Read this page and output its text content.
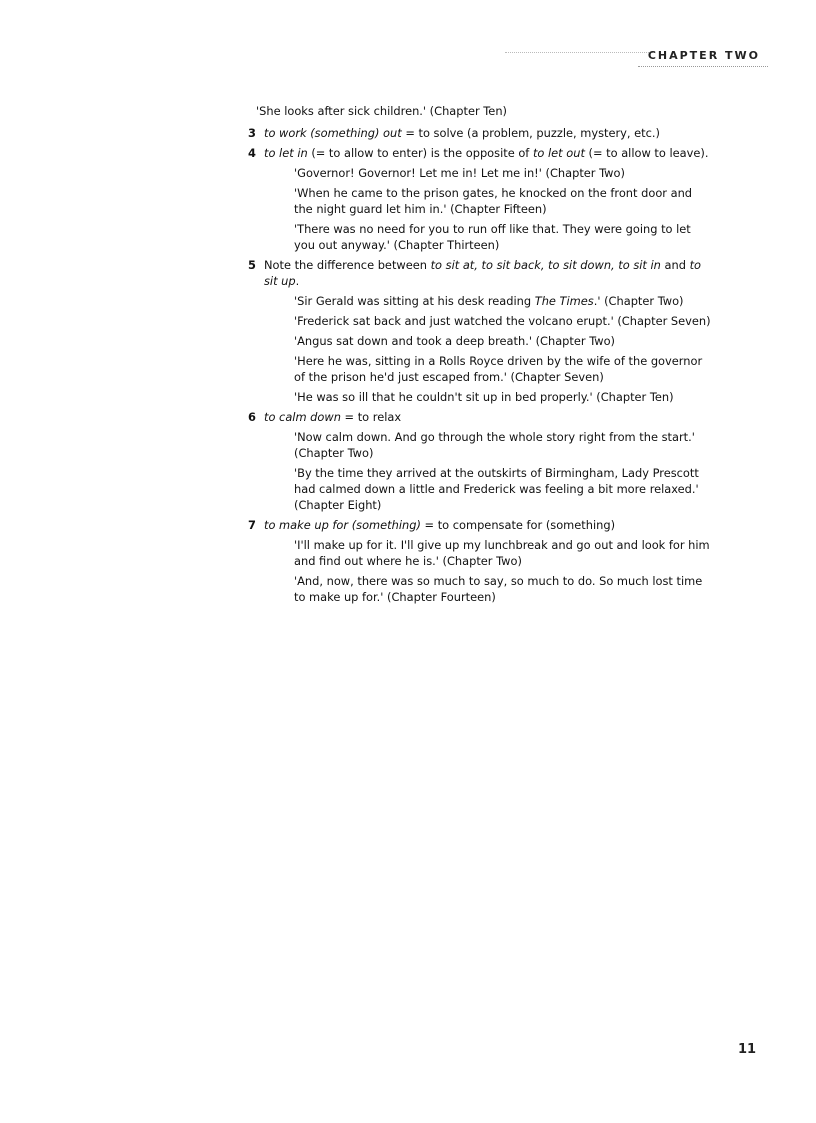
CHAPTER TWO

'She looks after sick children.' (Chapter Ten)

3 to work (something) out = to solve (a problem, puzzle, mystery, etc.)
4 to let in (= to allow to enter) is the opposite of to let out (= to allow to leave).

'Governor! Governor! Let me in! Let me in!' (Chapter Two)

'When he came to the prison gates, he knocked on the front door and the night guard let him in.' (Chapter Fifteen)

'There was no need for you to run off like that. They were going to let you out anyway.' (Chapter Thirteen)

5 Note the difference between to sit at, to sit back, to sit down, to sit in and to sit up.

'Sir Gerald was sitting at his desk reading The Times.' (Chapter Two)

'Frederick sat back and just watched the volcano erupt.' (Chapter Seven)

'Angus sat down and took a deep breath.' (Chapter Two)

'Here he was, sitting in a Rolls Royce driven by the wife of the governor of the prison he'd just escaped from.' (Chapter Seven)

'He was so ill that he couldn't sit up in bed properly.' (Chapter Ten)

6 to calm down = to relax

'Now calm down. And go through the whole story right from the start.' (Chapter Two)

'By the time they arrived at the outskirts of Birmingham, Lady Prescott had calmed down a little and Frederick was feeling a bit more relaxed.' (Chapter Eight)

7 to make up for (something) = to compensate for (something)

'I'll make up for it. I'll give up my lunchbreak and go out and look for him and find out where he is.' (Chapter Two)

'And, now, there was so much to say, so much to do. So much lost time to make up for.' (Chapter Fourteen)

11
